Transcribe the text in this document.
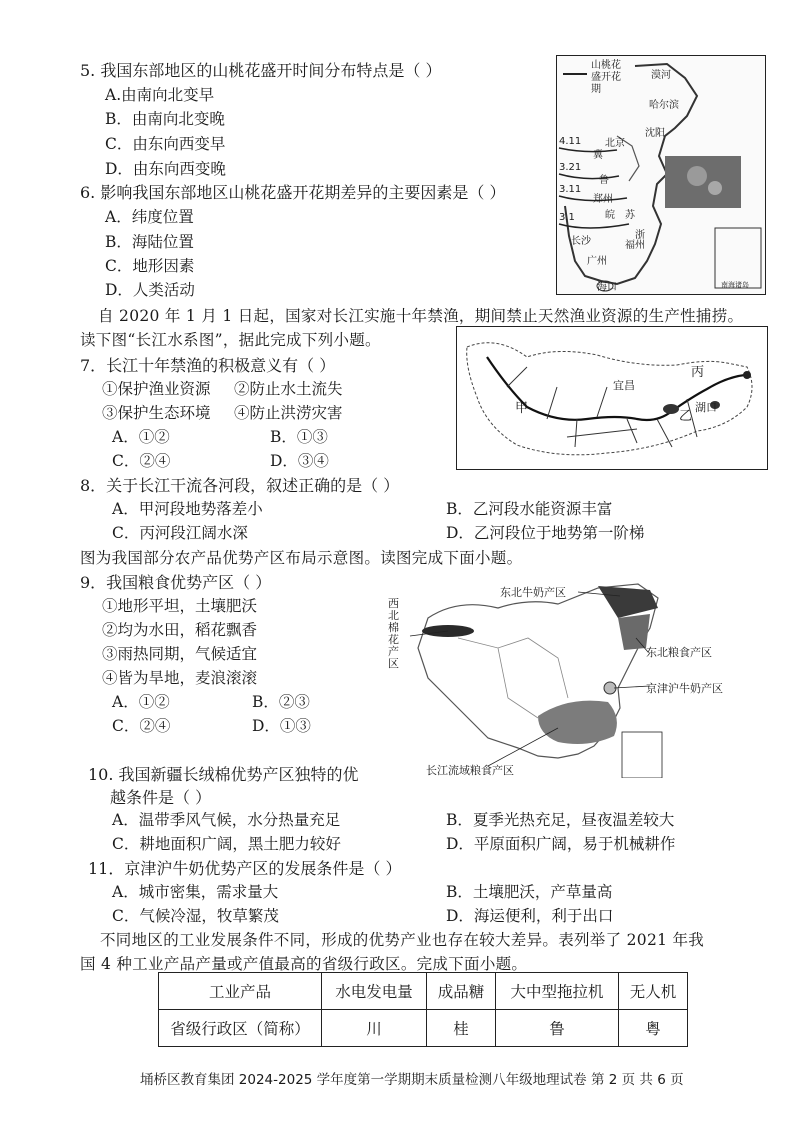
5. 我国东部地区的山桃花盛开时间分布特点是（ ）
A.由南向北变早
B．由南向北变晚
C．由东向西变早
D．由东向西变晚
6. 影响我国东部地区山桃花盛开花期差异的主要因素是（ ）
A．纬度位置
B．海陆位置
C．地形因素
D．人类活动
山桃花盛开花期
漠河
哈尔滨
沈阳
北京
冀
鲁
郑州
皖 苏
浙
长沙	福州
广州
海口
4.11
3.21
3.11
3.1
南海诸岛
自 2020 年 1 月 1 日起，国家对长江实施十年禁渔，期间禁止天然渔业资源的生产性捕捞。
读下图“长江水系图”，据此完成下列小题。
7．长江十年禁渔的积极意义有（ ）
①保护渔业资源 ②防止水土流失
③保护生态环境 ④防止洪涝灾害
A．①②	B．①③
C．②④	D．③④
甲
宜昌
乙
丙
湖口
8．关于长江干流各河段，叙述正确的是（ ）
A．甲河段地势落差小	B．乙河段水能资源丰富
C．丙河段江阔水深	D．乙河段位于地势第一阶梯
图为我国部分农产品优势产区布局示意图。读图完成下面小题。
9．我国粮食优势产区（ ）
①地形平坦，土壤肥沃
②均为水田，稻花飘香
③雨热同期，气候适宜
④皆为旱地，麦浪滚滚
A．①②	B．②③
C．②④	D．①③
东北牛奶产区
西北棉花产区
东北粮食产区
京津沪牛奶产区
长江流域粮食产区
10. 我国新疆长绒棉优势产区独特的优
越条件是（ ）
A．温带季风气候，水分热量充足	B．夏季光热充足，昼夜温差较大
C．耕地面积广阔，黑土肥力较好	D．平原面积广阔，易于机械耕作
11．京津沪牛奶优势产区的发展条件是（ ）
A．城市密集，需求量大	B．土壤肥沃，产草量高
C．气候冷湿，牧草繁茂	D．海运便利，利于出口
不同地区的工业发展条件不同，形成的优势产业也存在较大差异。表列举了 2021 年我
国 4 种工业产品产量或产值最高的省级行政区。完成下面小题。
工业产品	水电发电量	成品糖	大中型拖拉机	无人机
省级行政区（简称）	川	桂	鲁	粤
埇桥区教育集团 2024-2025 学年度第一学期期末质量检测八年级地理试卷 第 2 页 共 6 页
